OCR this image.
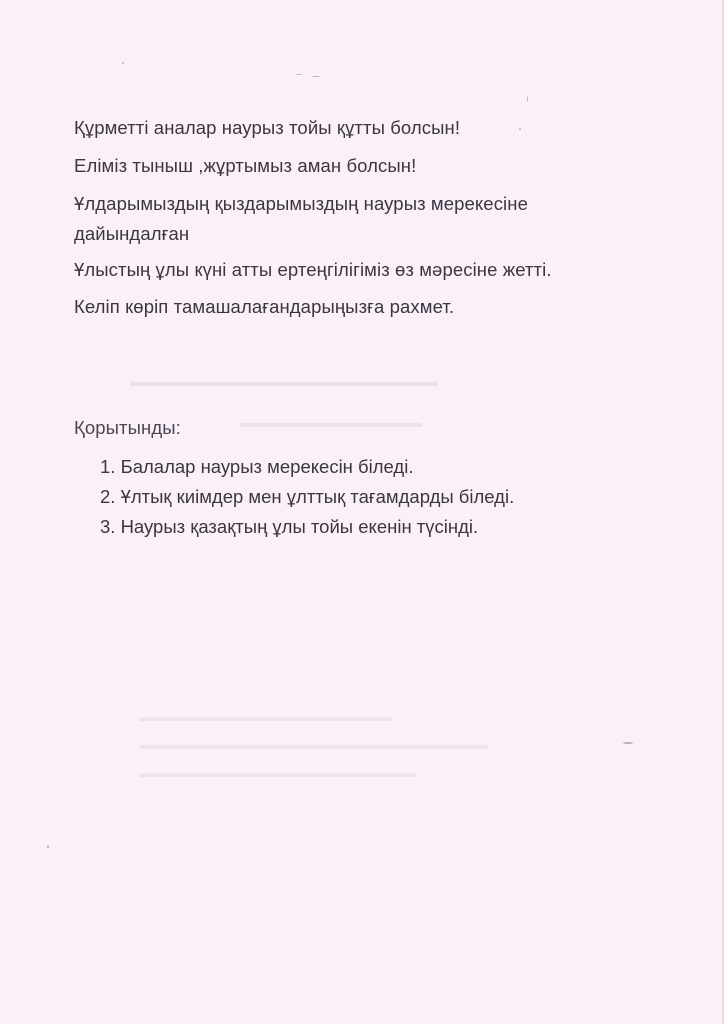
▬▬▬▬▬▬▬▬▬▬▬▬▬▬▬▬▬▬▬▬▬▬
▬▬▬▬▬▬▬▬▬▬▬▬▬
▬▬▬▬▬▬▬▬▬▬▬▬▬▬▬▬▬▬▬▬▬
▬▬▬▬▬▬▬▬▬▬▬▬▬▬▬▬▬▬▬▬▬▬▬▬▬▬▬▬▬
▬▬▬▬▬▬▬▬▬▬▬▬▬▬▬▬▬▬▬▬▬▬▬

Құрметті аналар наурыз тойы құтты болсын!

Еліміз тыныш ,жұртымыз аман болсын!

Ұлдарымыздың қыздарымыздың наурыз мерекесіне дайындалған

Ұлыстың ұлы күні атты ертеңгілігіміз өз мәресіне жетті.

Келіп көріп тамашалағандарыңызға рахмет.

Қорытынды:

1. Балалар наурыз мерекесін біледі.
2. Ұлтық киімдер мен ұлттық тағамдарды біледі.
3. Наурыз қазақтың ұлы тойы екенін түсінді.
